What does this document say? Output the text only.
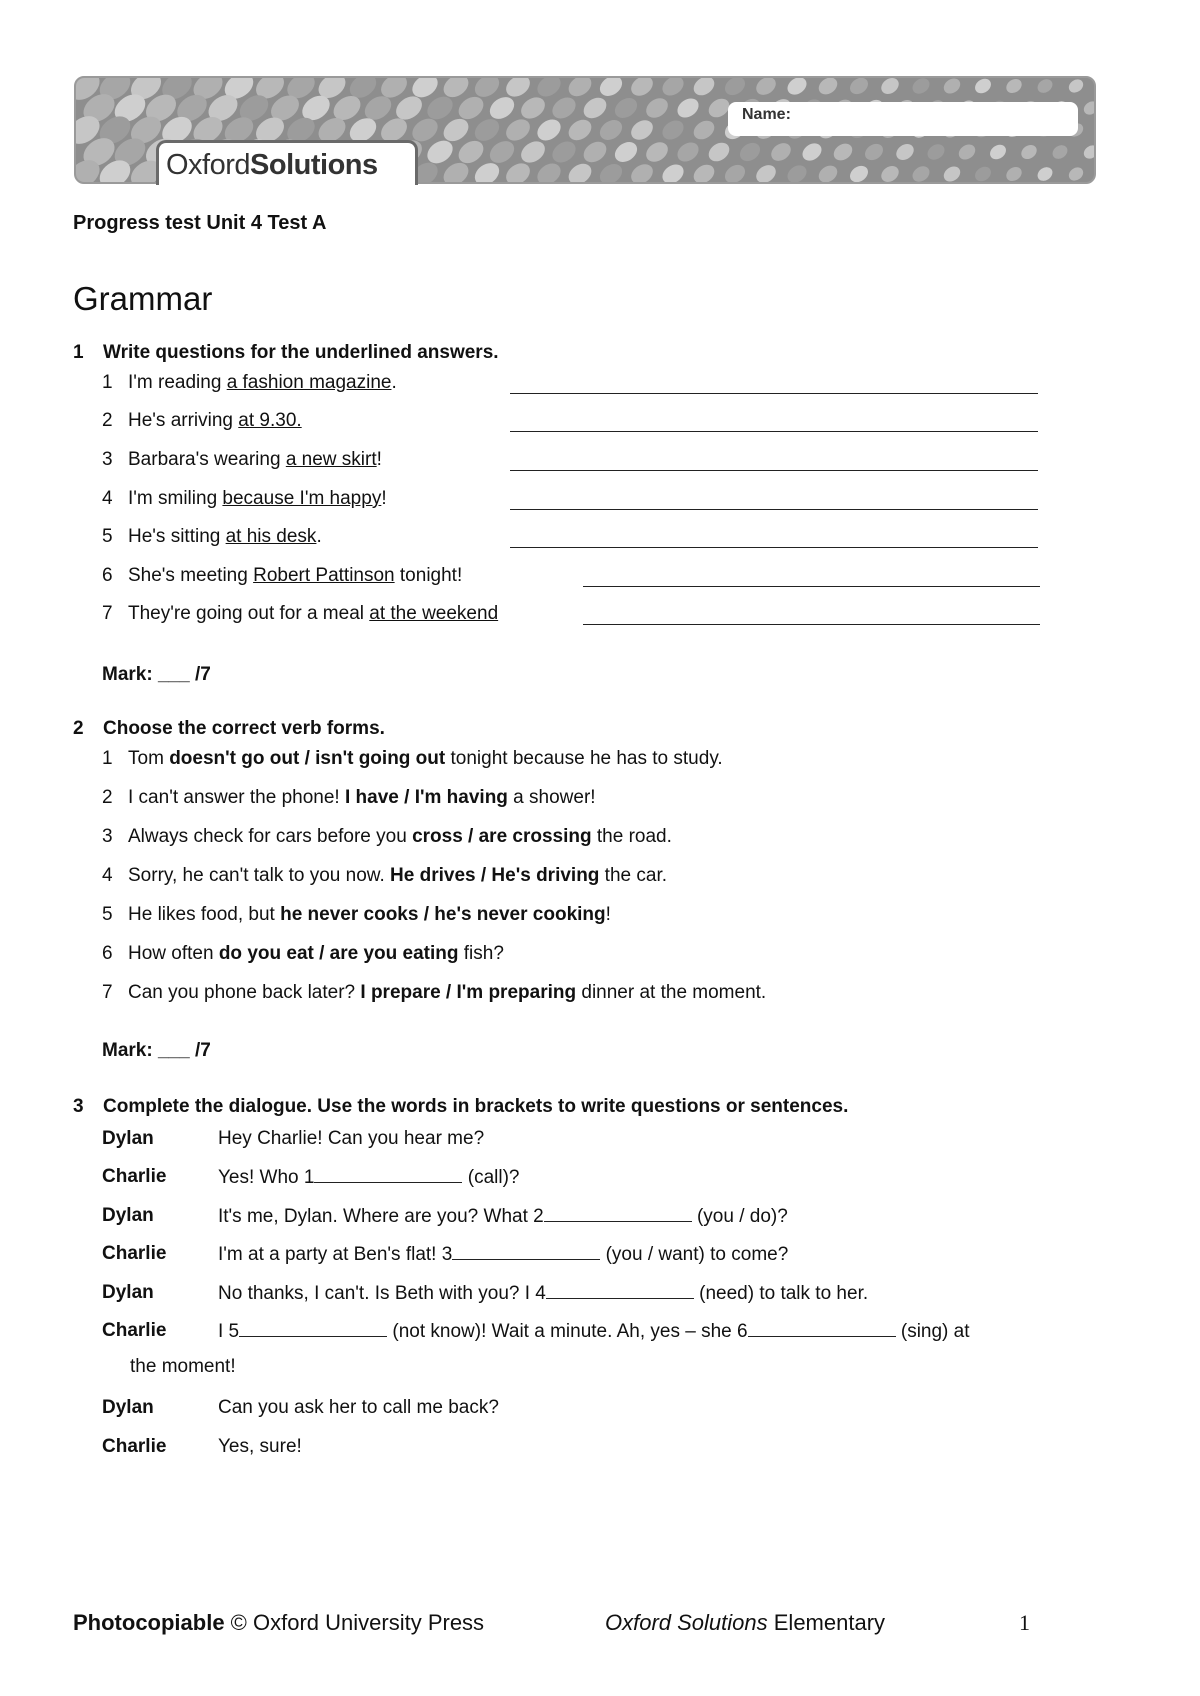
Name:
OxfordSolutions
Progress test Unit 4 Test A
Grammar
1 Write questions for the underlined answers.
1 I'm reading a fashion magazine.
2 He's arriving at 9.30.
3 Barbara's wearing a new skirt!
4 I'm smiling because I'm happy!
5 He's sitting at his desk.
6 She's meeting Robert Pattinson tonight!
7 They're going out for a meal at the weekend
Mark: ___ /7
2 Choose the correct verb forms.
1 Tom doesn't go out / isn't going out tonight because he has to study.
2 I can't answer the phone! I have / I'm having a shower!
3 Always check for cars before you cross / are crossing the road.
4 Sorry, he can't talk to you now. He drives / He's driving the car.
5 He likes food, but he never cooks / he's never cooking!
6 How often do you eat / are you eating fish?
7 Can you phone back later? I prepare / I'm preparing dinner at the moment.
Mark: ___ /7
3 Complete the dialogue. Use the words in brackets to write questions or sentences.
Dylan	Hey Charlie! Can you hear me?
Charlie	Yes! Who 1	(call)?
Dylan	It's me, Dylan. Where are you? What 2	(you / do)?
Charlie	I'm at a party at Ben's flat! 3	(you / want) to come?
Dylan	No thanks, I can't. Is Beth with you? I 4	(need) to talk to her.
Charlie	I 5	(not know)! Wait a minute. Ah, yes – she 6	(sing) at
the moment!
Dylan	Can you ask her to call me back?
Charlie	Yes, sure!
Photocopiable © Oxford University Press	Oxford Solutions Elementary	1
